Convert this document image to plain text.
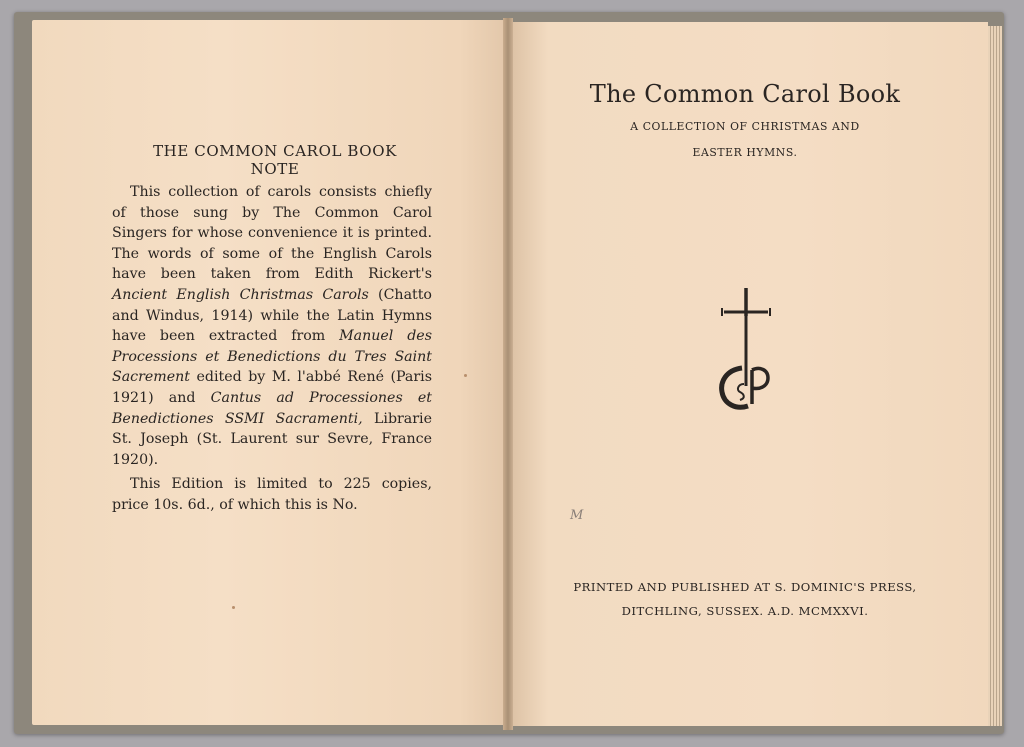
THE COMMON CAROL BOOK
NOTE

This collection of carols consists chiefly of those sung by The Common Carol Singers for whose convenience it is printed. The words of some of the English Carols have been taken from Edith Rickert's Ancient English Christmas Carols (Chatto and Windus, 1914) while the Latin Hymns have been extracted from Manuel des Processions et Benedictions du Tres Saint Sacrement edited by M. l'abbé René (Paris 1921) and Cantus ad Processiones et Benedictiones SSMI Sacramenti, Librarie St. Joseph (St. Laurent sur Sevre, France 1920).

This Edition is limited to 225 copies, price 10s. 6d., of which this is No.

The Common Carol Book
A COLLECTION OF CHRISTMAS AND
EASTER HYMNS.
M
PRINTED AND PUBLISHED AT S. DOMINIC'S PRESS,
DITCHLING, SUSSEX. A.D. MCMXXVI.
